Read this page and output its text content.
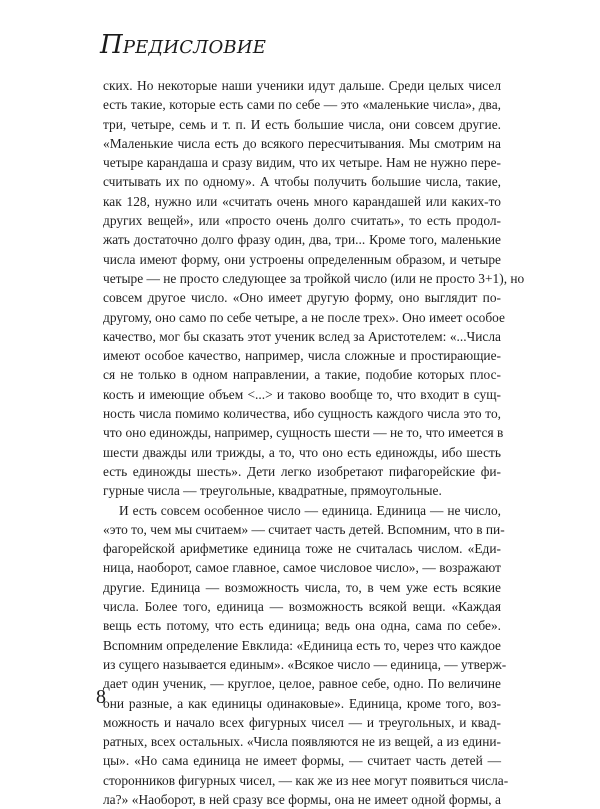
Предисловие
ских. Но некоторые наши ученики идут дальше. Среди целых чисел
есть такие, которые есть сами по себе — это «маленькие числа», два,
три, четыре, семь и т. п. И есть большие числа, они совсем другие.
«Маленькие числа есть до всякого пересчитывания. Мы смотрим на
четыре карандаша и сразу видим, что их четыре. Нам не нужно пере-
считывать их по одному». А чтобы получить большие числа, такие,
как 128, нужно или «считать очень много карандашей или каких-то
других вещей», или «просто очень долго считать», то есть продол-
жать достаточно долго фразу один, два, три... Кроме того, маленькие
числа имеют форму, они устроены определенным образом, и четыре
четыре — не просто следующее за тройкой число (или не просто 3+1), но
совсем другое число. «Оно имеет другую форму, оно выглядит по-
другому, оно само по себе четыре, а не после трех». Оно имеет особое
качество, мог бы сказать этот ученик вслед за Аристотелем: «...Числа
имеют особое качество, например, числа сложные и простирающие-
ся не только в одном направлении, а такие, подобие которых плос-
кость и имеющие объем <...> и таково вообще то, что входит в сущ-
ность числа помимо количества, ибо сущность каждого числа это то,
что оно единожды, например, сущность шести — не то, что имеется в
шести дважды или трижды, а то, что оно есть единожды, ибо шесть
есть единожды шесть». Дети легко изобретают пифагорейские фи-
гурные числа — треугольные, квадратные, прямоугольные.
И есть совсем особенное число — единица. Единица — не число,
«это то, чем мы считаем» — считает часть детей. Вспомним, что в пи-
фагорейской арифметике единица тоже не считалась числом. «Еди-
ница, наоборот, самое главное, самое числовое число», — возражают
другие. Единица — возможность числа, то, в чем уже есть всякие
числа. Более того, единица — возможность всякой вещи. «Каждая
вещь есть потому, что есть единица; ведь она одна, сама по себе».
Вспомним определение Евклида: «Единица есть то, через что каждое
из сущего называется единым». «Всякое число — единица, — утверж-
дает один ученик, — круглое, целое, равное себе, одно. По величине
они разные, а как единицы одинаковые». Единица, кроме того, воз-
можность и начало всех фигурных чисел — и треугольных, и квад-
ратных, всех остальных. «Числа появляются не из вещей, а из едини-
цы». «Но сама единица не имеет формы, — считает часть детей —
сторонников фигурных чисел, — как же из нее могут появиться числа-
ла?» «Наоборот, в ней сразу все формы, она не имеет одной формы, а
8
